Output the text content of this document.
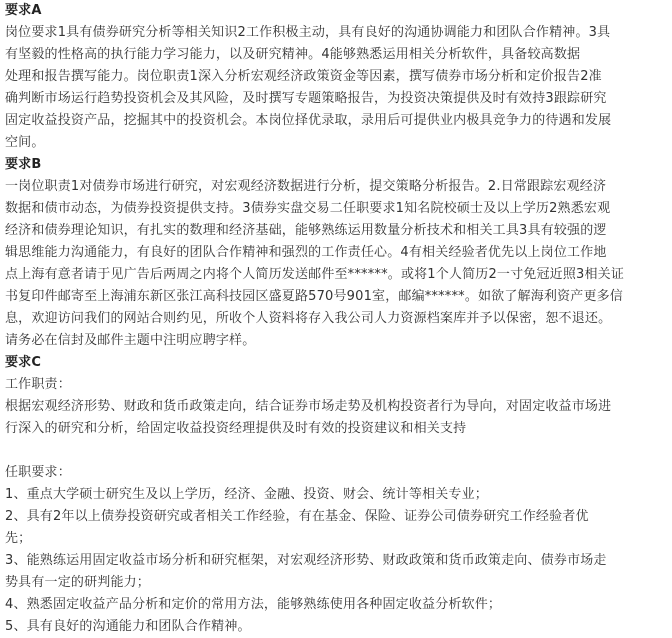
要求A
岗位要求1具有债券研究分析等相关知识2工作积极主动，具有良好的沟通协调能力和团队合作精神。3具
有坚毅的性格高的执行能力学习能力，以及研究精神。4能够熟悉运用相关分析软件，具备较高数据
处理和报告撰写能力。岗位职责1深入分析宏观经济政策资金等因素，撰写债券市场分析和定价报告2准
确判断市场运行趋势投资机会及其风险，及时撰写专题策略报告，为投资决策提供及时有效持3跟踪研究
固定收益投资产品，挖掘其中的投资机会。本岗位择优录取，录用后可提供业内极具竞争力的待遇和发展
空间。
要求B
一岗位职责1对债券市场进行研究，对宏观经济数据进行分析，提交策略分析报告。2.日常跟踪宏观经济
数据和债市动态，为债券投资提供支持。3债券实盘交易二任职要求1知名院校硕士及以上学历2熟悉宏观
经济和债券理论知识，有扎实的数理和经济基础，能够熟练运用数量分析技术和相关工具3具有较强的逻
辑思维能力沟通能力，有良好的团队合作精神和强烈的工作责任心。4有相关经验者优先以上岗位工作地
点上海有意者请于见广告后两周之内将个人简历发送邮件至******。或将1个人简历2一寸免冠近照3相关证
书复印件邮寄至上海浦东新区张江高科技园区盛夏路570号901室，邮编******。如欲了解海利资产更多信
息，欢迎访问我们的网站合则约见，所收个人资料将存入我公司人力资源档案库并予以保密，恕不退还。
请务必在信封及邮件主题中注明应聘字样。
要求C
工作职责：
根据宏观经济形势、财政和货币政策走向，结合证券市场走势及机构投资者行为导向，对固定收益市场进
行深入的研究和分析，给固定收益投资经理提供及时有效的投资建议和相关支持
任职要求：
1、重点大学硕士研究生及以上学历，经济、金融、投资、财会、统计等相关专业；
2、具有2年以上债券投资研究或者相关工作经验，有在基金、保险、证券公司债券研究工作经验者优
先；
3、能熟练运用固定收益市场分析和研究框架，对宏观经济形势、财政政策和货币政策走向、债券市场走
势具有一定的研判能力；
4、熟悉固定收益产品分析和定价的常用方法，能够熟练使用各种固定收益分析软件；
5、具有良好的沟通能力和团队合作精神。
